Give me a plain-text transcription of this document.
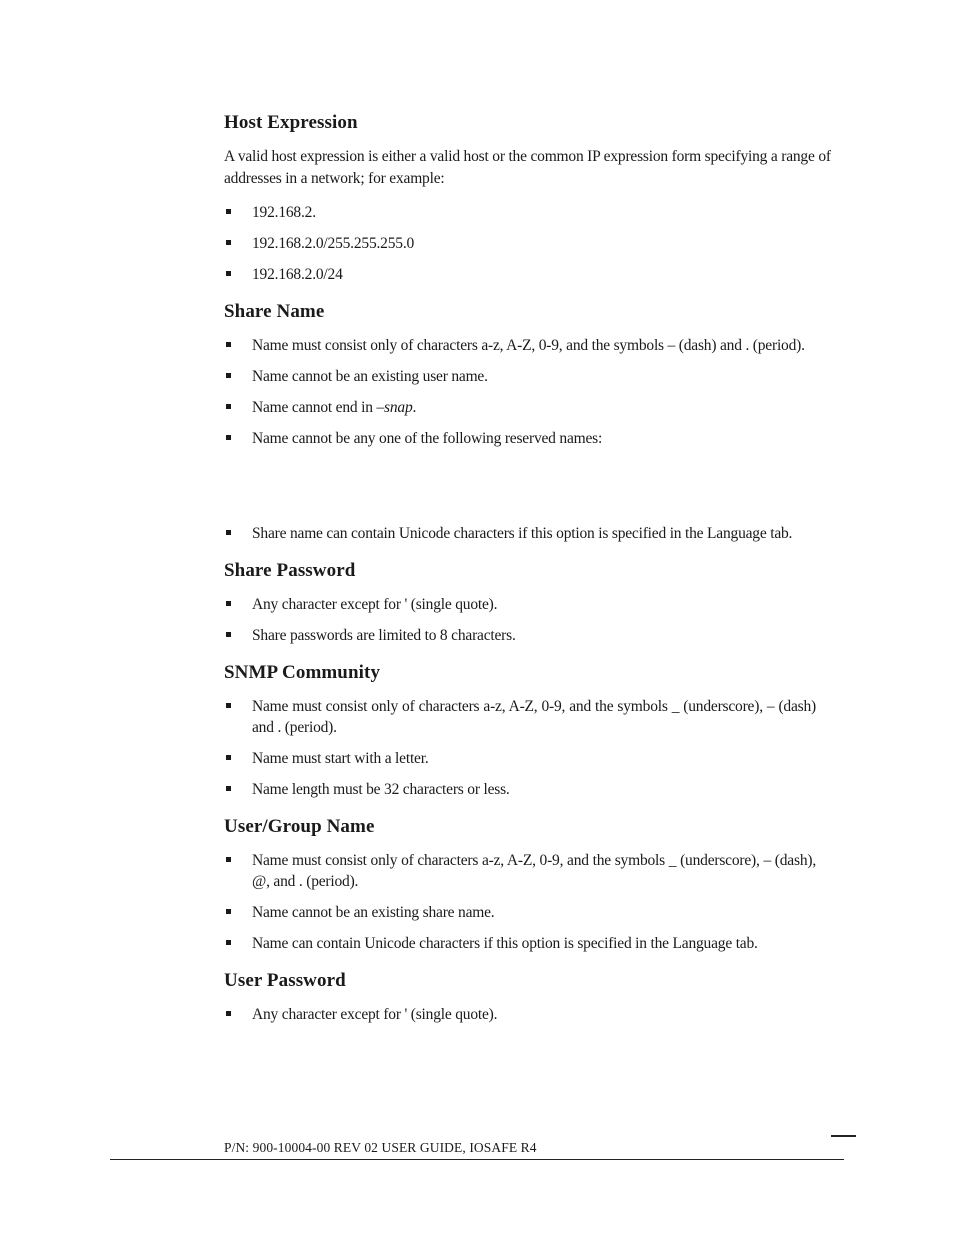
Host Expression

A valid host expression is either a valid host or the common IP expression form specifying a range of addresses in a network; for example:

192.168.2.
192.168.2.0/255.255.255.0
192.168.2.0/24
Share Name
Name must consist only of characters a-z, A-Z, 0-9, and the symbols – (dash) and . (period).
Name cannot be an existing user name.
Name cannot end in –snap.
Name cannot be any one of the following reserved names:
Share name can contain Unicode characters if this option is specified in the Language tab.
Share Password
Any character except for ' (single quote).
Share passwords are limited to 8 characters.
SNMP Community
Name must consist only of characters a-z, A-Z, 0-9, and the symbols _ (underscore), – (dash) and . (period).
Name must start with a letter.
Name length must be 32 characters or less.
User/Group Name
Name must consist only of characters a-z, A-Z, 0-9, and the symbols _ (underscore), – (dash), @, and . (period).
Name cannot be an existing share name.
Name can contain Unicode characters if this option is specified in the Language tab.
User Password
Any character except for ' (single quote).
P/N: 900-10004-00 REV 02 USER GUIDE, IOSAFE R4
